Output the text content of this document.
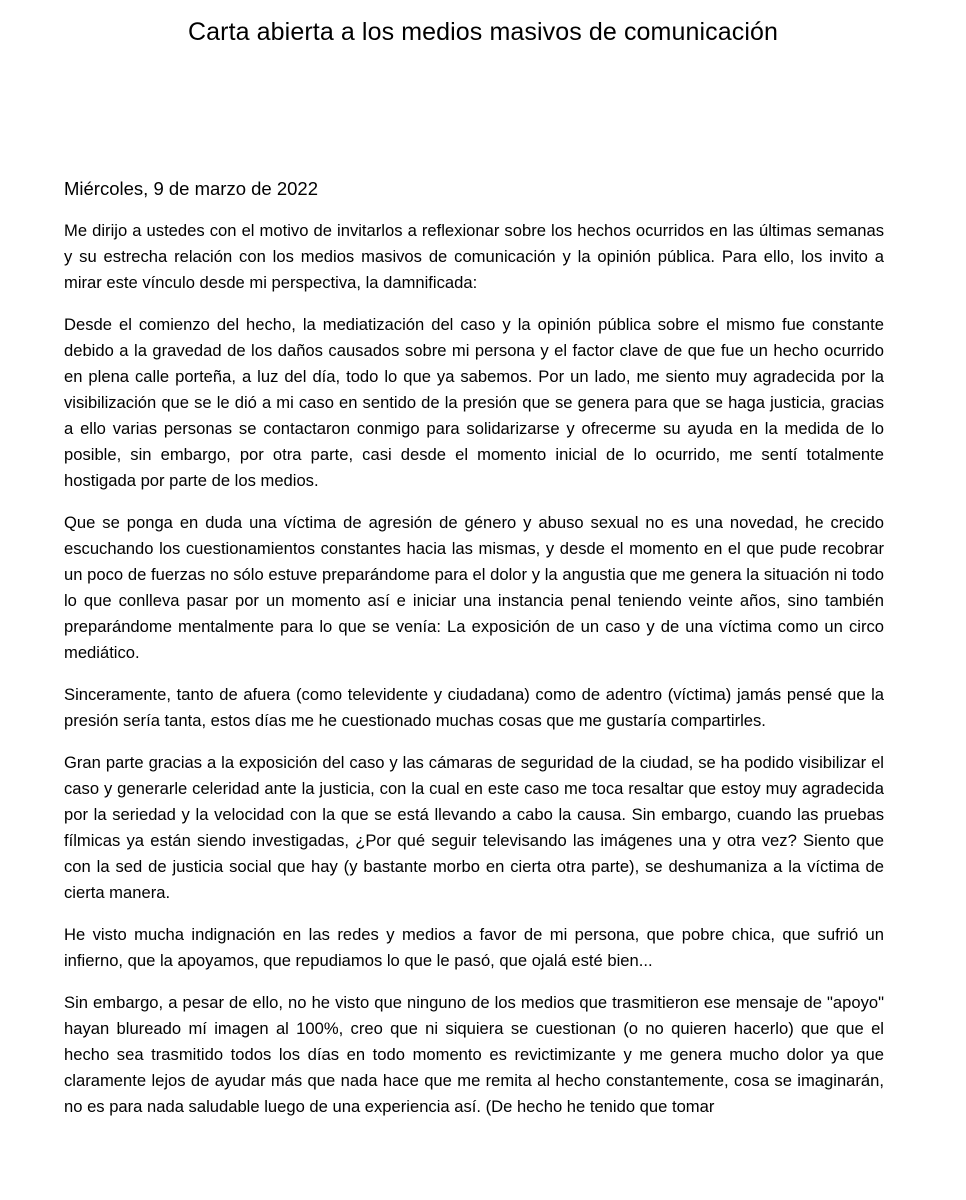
Carta abierta a los medios masivos de comunicación

Miércoles, 9 de marzo de 2022

Me dirijo a ustedes con el motivo de invitarlos a reflexionar sobre los hechos ocurridos en las últimas semanas y su estrecha relación con los medios masivos de comunicación y la opinión pública. Para ello, los invito a mirar este vínculo desde mi perspectiva, la damnificada:

Desde el comienzo del hecho, la mediatización del caso y la opinión pública sobre el mismo fue constante debido a la gravedad de los daños causados sobre mi persona y el factor clave de que fue un hecho ocurrido en plena calle porteña, a luz del día, todo lo que ya sabemos. Por un lado, me siento muy agradecida por la visibilización que se le dió a mi caso en sentido de la presión que se genera para que se haga justicia, gracias a ello varias personas se contactaron conmigo para solidarizarse y ofrecerme su ayuda en la medida de lo posible, sin embargo, por otra parte, casi desde el momento inicial de lo ocurrido, me sentí totalmente hostigada por parte de los medios.

Que se ponga en duda una víctima de agresión de género y abuso sexual no es una novedad, he crecido escuchando los cuestionamientos constantes hacia las mismas, y desde el momento en el que pude recobrar un poco de fuerzas no sólo estuve preparándome para el dolor y la angustia que me genera la situación ni todo lo que conlleva pasar por un momento así e iniciar una instancia penal teniendo veinte años, sino también preparándome mentalmente para lo que se venía: La exposición de un caso y de una víctima como un circo mediático.

Sinceramente, tanto de afuera (como televidente y ciudadana) como de adentro (víctima) jamás pensé que la presión sería tanta, estos días me he cuestionado muchas cosas que me gustaría compartirles.

Gran parte gracias a la exposición del caso y las cámaras de seguridad de la ciudad, se ha podido visibilizar el caso y generarle celeridad ante la justicia, con la cual en este caso me toca resaltar que estoy muy agradecida por la seriedad y la velocidad con la que se está llevando a cabo la causa. Sin embargo, cuando las pruebas fílmicas ya están siendo investigadas, ¿Por qué seguir televisando las imágenes una y otra vez? Siento que con la sed de justicia social que hay (y bastante morbo en cierta otra parte), se deshumaniza a la víctima de cierta manera.

He visto mucha indignación en las redes y medios a favor de mi persona, que pobre chica, que sufrió un infierno, que la apoyamos, que repudiamos lo que le pasó, que ojalá esté bien...

Sin embargo, a pesar de ello, no he visto que ninguno de los medios que trasmitieron ese mensaje de "apoyo" hayan blureado mí imagen al 100%, creo que ni siquiera se cuestionan (o no quieren hacerlo) que que el hecho sea trasmitido todos los días en todo momento es revictimizante y me genera mucho dolor ya que claramente lejos de ayudar más que nada hace que me remita al hecho constantemente, cosa se imaginarán, no es para nada saludable luego de una experiencia así. (De hecho he tenido que tomar
